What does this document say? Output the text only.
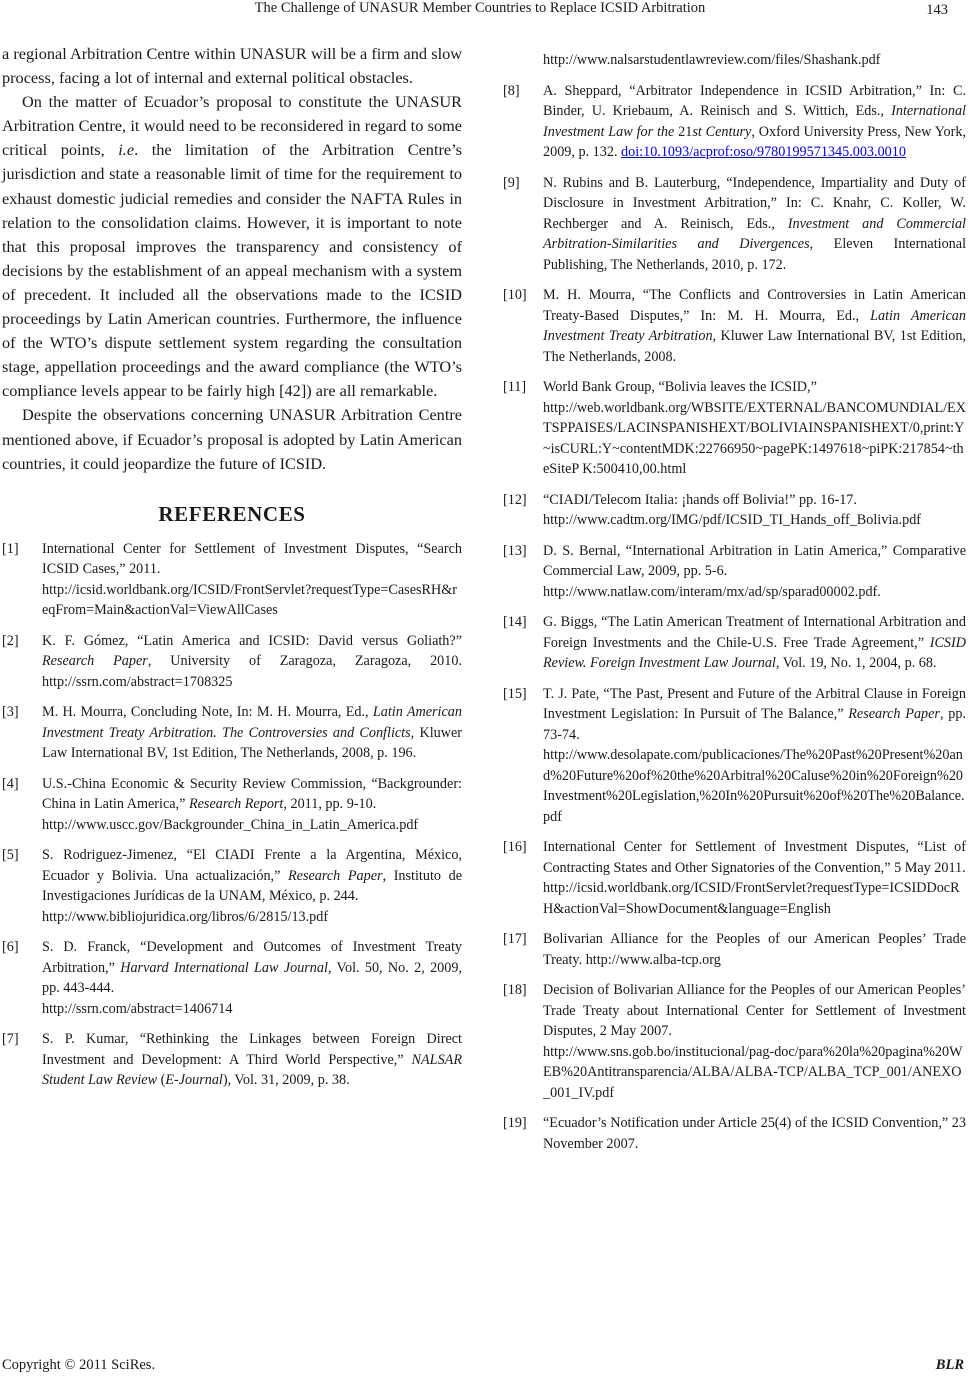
The Challenge of UNASUR Member Countries to Replace ICSID Arbitration	143

a regional Arbitration Centre within UNASUR will be a firm and slow process, facing a lot of internal and external political obstacles.

On the matter of Ecuador’s proposal to constitute the UNASUR Arbitration Centre, it would need to be reconsidered in regard to some critical points, i.e. the limitation of the Arbitration Centre’s jurisdiction and state a reasonable limit of time for the requirement to exhaust domestic judicial remedies and consider the NAFTA Rules in relation to the consolidation claims. However, it is important to note that this proposal improves the transparency and consistency of decisions by the establishment of an appeal mechanism with a system of precedent. It included all the observations made to the ICSID proceedings by Latin American countries. Furthermore, the influence of the WTO’s dispute settlement system regarding the consultation stage, appellation proceedings and the award compliance (the WTO’s compliance levels appear to be fairly high [42]) are all remarkable.

Despite the observations concerning UNASUR Arbitration Centre mentioned above, if Ecuador’s proposal is adopted by Latin American countries, it could jeopardize the future of ICSID.

REFERENCES
[1]	International Center for Settlement of Investment Disputes, “Search ICSID Cases,” 2011.
http://icsid.worldbank.org/ICSID/FrontServlet?requestType=CasesRH&reqFrom=Main&actionVal=ViewAllCases
[2]	K. F. Gómez, “Latin America and ICSID: David versus Goliath?” Research Paper, University of Zaragoza, Zaragoza, 2010. http://ssrn.com/abstract=1708325
[3]	M. H. Mourra, Concluding Note, In: M. H. Mourra, Ed., Latin American Investment Treaty Arbitration. The Controversies and Conflicts, Kluwer Law International BV, 1st Edition, The Netherlands, 2008, p. 196.
[4]	U.S.-China Economic & Security Review Commission, “Backgrounder: China in Latin America,” Research Report, 2011, pp. 9-10.
http://www.uscc.gov/Backgrounder_China_in_Latin_America.pdf
[5]	S. Rodriguez-Jimenez, “El CIADI Frente a la Argentina, México, Ecuador y Bolivia. Una actualización,” Research Paper, Instituto de Investigaciones Jurídicas de la UNAM, México, p. 244.
http://www.bibliojuridica.org/libros/6/2815/13.pdf
[6]	S. D. Franck, “Development and Outcomes of Investment Treaty Arbitration,” Harvard International Law Journal, Vol. 50, No. 2, 2009, pp. 443-444.
http://ssrn.com/abstract=1406714
[7]	S. P. Kumar, “Rethinking the Linkages between Foreign Direct Investment and Development: A Third World Perspective,” NALSAR Student Law Review (E-Journal), Vol. 31, 2009, p. 38.
http://www.nalsarstudentlawreview.com/files/Shashank.pdf
[8]	A. Sheppard, “Arbitrator Independence in ICSID Arbitration,” In: C. Binder, U. Kriebaum, A. Reinisch and S. Wittich, Eds., International Investment Law for the 21st Century, Oxford University Press, New York, 2009, p. 132. doi:10.1093/acprof:oso/9780199571345.003.0010
[9]	N. Rubins and B. Lauterburg, “Independence, Impartiality and Duty of Disclosure in Investment Arbitration,” In: C. Knahr, C. Koller, W. Rechberger and A. Reinisch, Eds., Investment and Commercial Arbitration-Similarities and Divergences, Eleven International Publishing, The Netherlands, 2010, p. 172.
[10]	M. H. Mourra, “The Conflicts and Controversies in Latin American Treaty-Based Disputes,” In: M. H. Mourra, Ed., Latin American Investment Treaty Arbitration, Kluwer Law International BV, 1st Edition, The Netherlands, 2008.
[11]	World Bank Group, “Bolivia leaves the ICSID,”
http://web.worldbank.org/WBSITE/EXTERNAL/BANCOMUNDIAL/EXTSPPAISES/LACINSPANISHEXT/BOLIVIAINSPANISHEXT/0,print:Y~isCURL:Y~contentMDK:22766950~pagePK:1497618~piPK:217854~theSiteP K:500410,00.html
[12]	“CIADI/Telecom Italia: ¡hands off Bolivia!” pp. 16-17.
http://www.cadtm.org/IMG/pdf/ICSID_TI_Hands_off_Bolivia.pdf
[13]	D. S. Bernal, “International Arbitration in Latin America,” Comparative Commercial Law, 2009, pp. 5-6.
http://www.natlaw.com/interam/mx/ad/sp/sparad00002.pdf.
[14]	G. Biggs, “The Latin American Treatment of International Arbitration and Foreign Investments and the Chile-U.S. Free Trade Agreement,” ICSID Review. Foreign Investment Law Journal, Vol. 19, No. 1, 2004, p. 68.
[15]	T. J. Pate, “The Past, Present and Future of the Arbitral Clause in Foreign Investment Legislation: In Pursuit of The Balance,” Research Paper, pp. 73-74.
http://www.desolapate.com/publicaciones/The%20Past%20Present%20and%20Future%20of%20the%20Arbitral%20Caluse%20in%20Foreign%20Investment%20Legislation,%20In%20Pursuit%20of%20The%20Balance.pdf
[16]	International Center for Settlement of Investment Disputes, “List of Contracting States and Other Signatories of the Convention,” 5 May 2011.
http://icsid.worldbank.org/ICSID/FrontServlet?requestType=ICSIDDocRH&actionVal=ShowDocument&language=English
[17]	Bolivarian Alliance for the Peoples of our American Peoples’ Trade Treaty. http://www.alba-tcp.org
[18]	Decision of Bolivarian Alliance for the Peoples of our American Peoples’ Trade Treaty about International Center for Settlement of Investment Disputes, 2 May 2007.
http://www.sns.gob.bo/institucional/pag-doc/para%20la%20pagina%20WEB%20Antitransparencia/ALBA/ALBA-TCP/ALBA_TCP_001/ANEXO_001_IV.pdf
[19]	“Ecuador’s Notification under Article 25(4) of the ICSID Convention,” 23 November 2007.
Copyright © 2011 SciRes.	BLR
